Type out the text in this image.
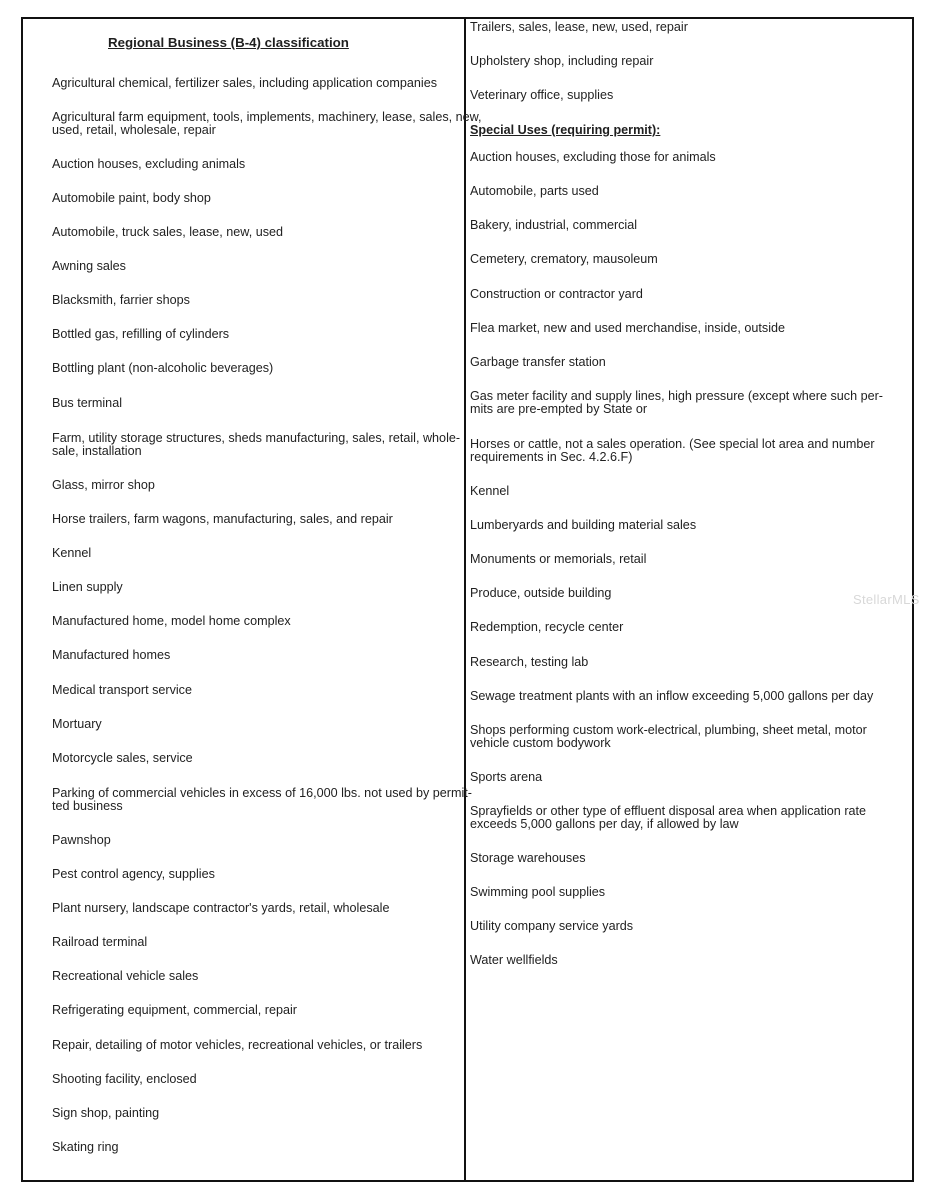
Regional Business (B-4) classification
Agricultural chemical, fertilizer sales, including application companies
Agricultural farm equipment, tools, implements, machinery, lease, sales, new, used, retail, wholesale, repair
Auction houses, excluding animals
Automobile paint, body shop
Automobile, truck sales, lease, new, used
Awning sales
Blacksmith, farrier shops
Bottled gas, refilling of cylinders
Bottling plant (non-alcoholic beverages)
Bus terminal
Farm, utility storage structures, sheds manufacturing, sales, retail, whole-sale, installation
Glass, mirror shop
Horse trailers, farm wagons, manufacturing, sales, and repair
Kennel
Linen supply
Manufactured home, model home complex
Manufactured homes
Medical transport service
Mortuary
Motorcycle sales, service
Parking of commercial vehicles in excess of 16,000 lbs. not used by permit-ted business
Pawnshop
Pest control agency, supplies
Plant nursery, landscape contractor's yards, retail, wholesale
Railroad terminal
Recreational vehicle sales
Refrigerating equipment, commercial, repair
Repair, detailing of motor vehicles, recreational vehicles, or trailers
Shooting facility, enclosed
Sign shop, painting
Skating ring
Trailers, sales, lease, new, used, repair
Upholstery shop, including repair
Veterinary office, supplies
Special Uses (requiring permit):
Auction houses, excluding those for animals
Automobile, parts used
Bakery, industrial, commercial
Cemetery, crematory, mausoleum
Construction or contractor yard
Flea market, new and used merchandise, inside, outside
Garbage transfer station
Gas meter facility and supply lines, high pressure (except where such per-mits are pre-empted by State or
Horses or cattle, not a sales operation. (See special lot area and number requirements in Sec. 4.2.6.F)
Kennel
Lumberyards and building material sales
Monuments or memorials, retail
Produce, outside building
Redemption, recycle center
Research, testing lab
Sewage treatment plants with an inflow exceeding 5,000 gallons per day
Shops performing custom work-electrical, plumbing, sheet metal, motor vehicle custom bodywork
Sports arena
Sprayfields or other type of effluent disposal area when application rate exceeds 5,000 gallons per day, if allowed by law
Storage warehouses
Swimming pool supplies
Utility company service yards
Water wellfields
StellarMLS
